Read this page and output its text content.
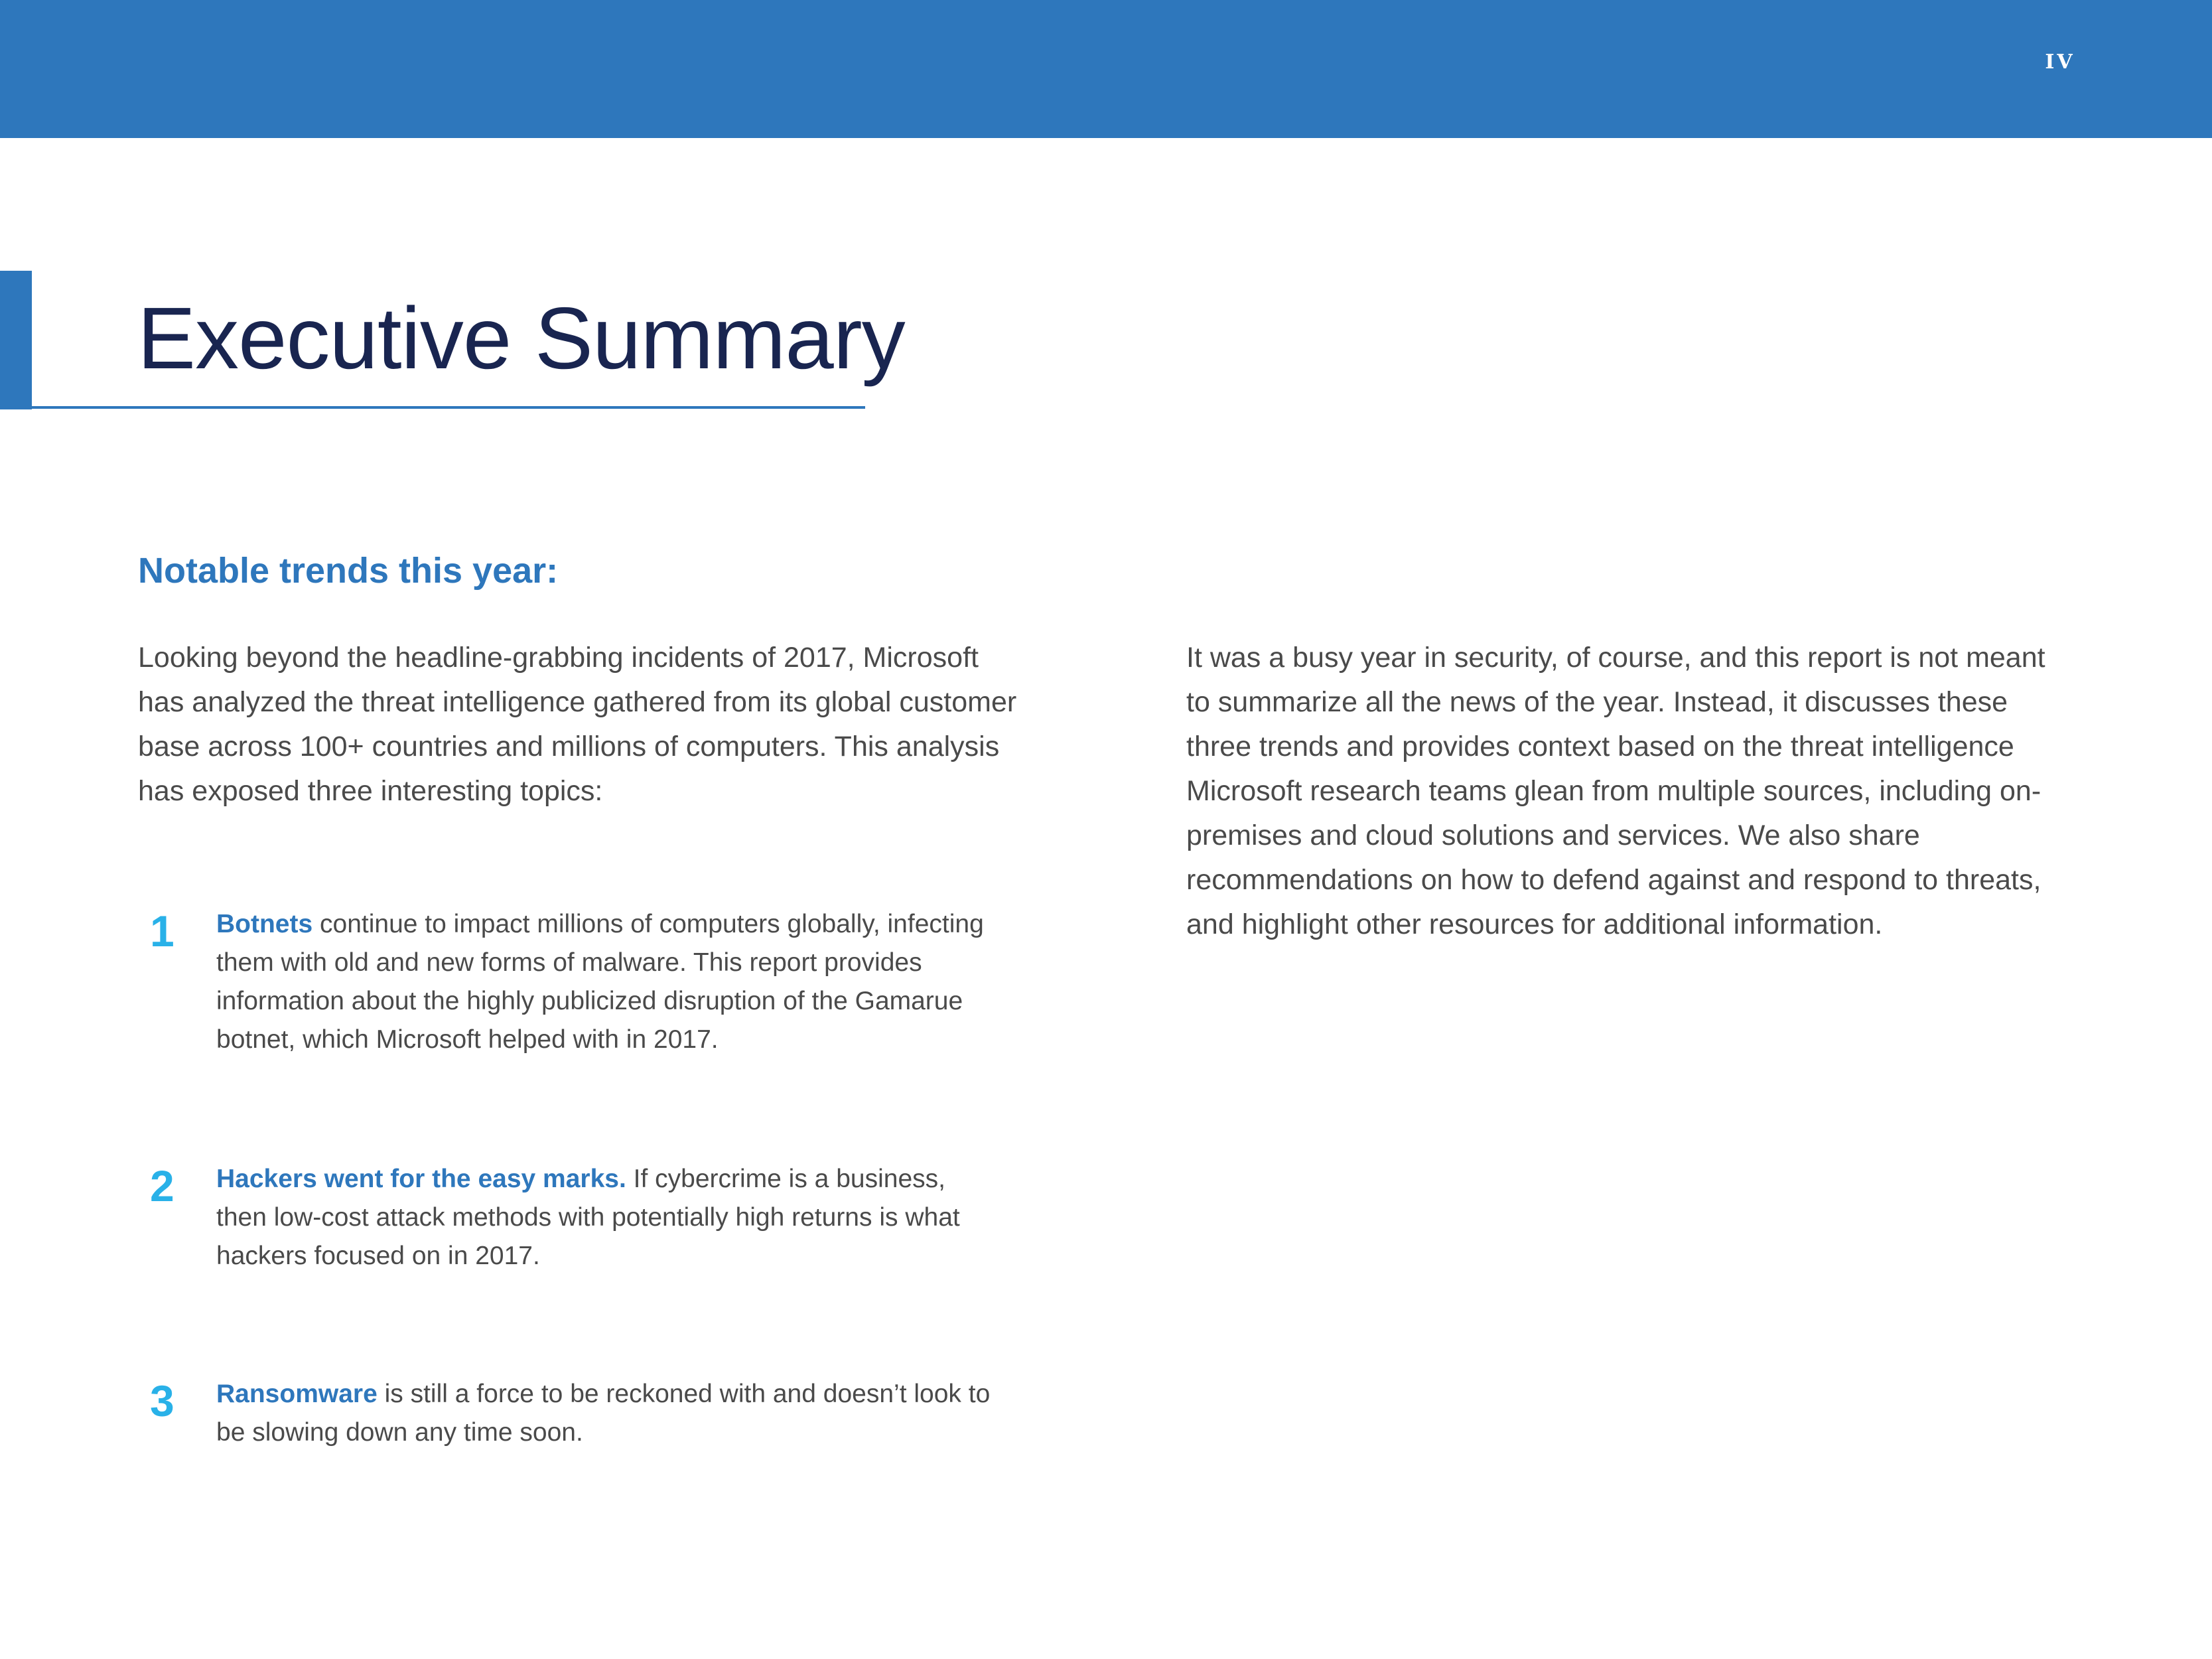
IV
Executive Summary
Notable trends this year:

Looking beyond the headline-grabbing incidents of 2017, Microsoft has analyzed the threat intelligence gathered from its global customer base across 100+ countries and millions of computers. This analysis has exposed three interesting topics:

1 Botnets continue to impact millions of computers globally, infecting them with old and new forms of malware. This report provides information about the highly publicized disruption of the Gamarue botnet, which Microsoft helped with in 2017.

2 Hackers went for the easy marks. If cybercrime is a business, then low-cost attack methods with potentially high returns is what hackers focused on in 2017.

3 Ransomware is still a force to be reckoned with and doesn’t look to be slowing down any time soon.

It was a busy year in security, of course, and this report is not meant to summarize all the news of the year. Instead, it discusses these three trends and provides context based on the threat intelligence Microsoft research teams glean from multiple sources, including on-premises and cloud solutions and services. We also share recommendations on how to defend against and respond to threats, and highlight other resources for additional information.
